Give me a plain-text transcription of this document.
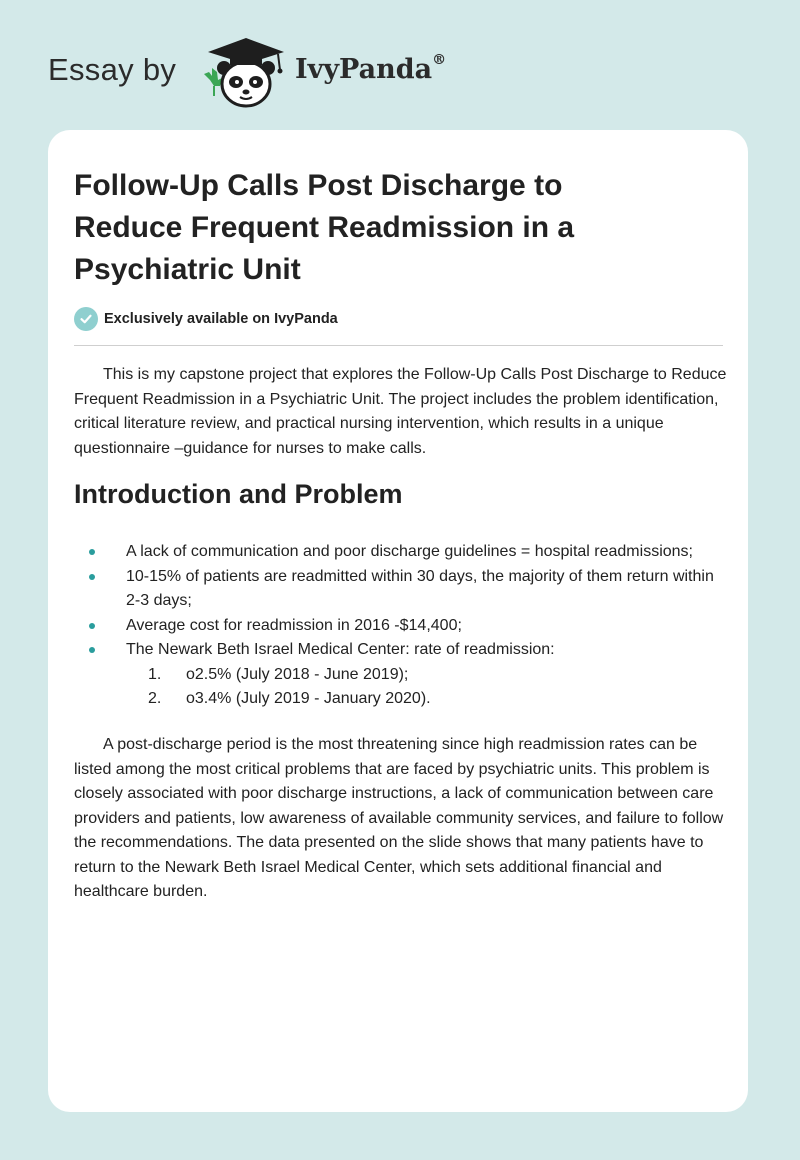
Essay by	IvyPanda®
Follow-Up Calls Post Discharge to Reduce Frequent Readmission in a Psychiatric Unit
Exclusively available on IvyPanda

This is my capstone project that explores the Follow-Up Calls Post Discharge to Reduce Frequent Readmission in a Psychiatric Unit. The project includes the problem identification, critical literature review, and practical nursing intervention, which results in a unique questionnaire –guidance for nurses to make calls.

Introduction and Problem
A lack of communication and poor discharge guidelines = hospital readmissions;
10-15% of patients are readmitted within 30 days, the majority of them return within 2-3 days;
Average cost for readmission in 2016 -$14,400;
The Newark Beth Israel Medical Center: rate of readmission:
1. o2.5% (July 2018 - June 2019);
2. o3.4% (July 2019 - January 2020).

A post-discharge period is the most threatening since high readmission rates can be listed among the most critical problems that are faced by psychiatric units. This problem is closely associated with poor discharge instructions, a lack of communication between care providers and patients, low awareness of available community services, and failure to follow the recommendations. The data presented on the slide shows that many patients have to return to the Newark Beth Israel Medical Center, which sets additional financial and healthcare burden.
